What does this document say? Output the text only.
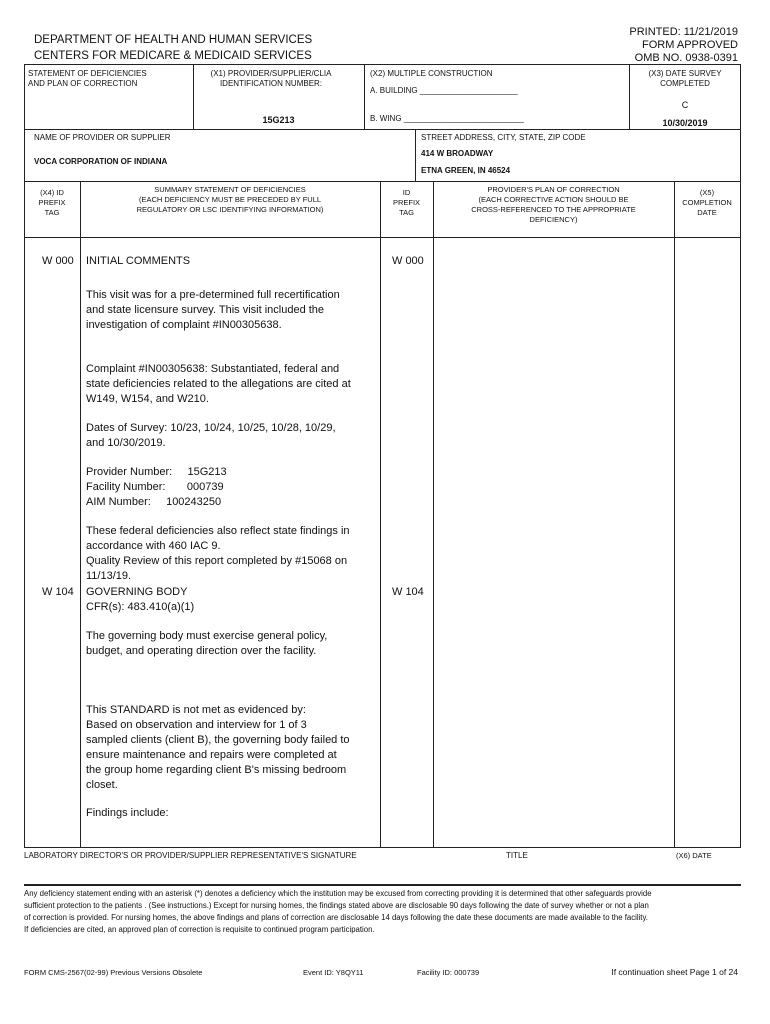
DEPARTMENT OF HEALTH AND HUMAN SERVICES
CENTERS FOR MEDICARE & MEDICAID SERVICES
PRINTED: 11/21/2019
FORM APPROVED
OMB NO. 0938-0391
STATEMENT OF DEFICIENCIES
AND PLAN OF CORRECTION
(X1) PROVIDER/SUPPLIER/CLIA
IDENTIFICATION NUMBER:
15G213
(X2) MULTIPLE CONSTRUCTION
A. BUILDING ______________________
B. WING ___________________________
(X3) DATE SURVEY
COMPLETED
C
10/30/2019
NAME OF PROVIDER OR SUPPLIER
VOCA CORPORATION OF INDIANA
STREET ADDRESS, CITY, STATE, ZIP CODE
414 W BROADWAY
ETNA GREEN, IN 46524
(X4) ID
PREFIX
TAG
SUMMARY STATEMENT OF DEFICIENCIES
(EACH DEFICIENCY MUST BE PRECEDED BY FULL
REGULATORY OR LSC IDENTIFYING INFORMATION)
ID
PREFIX
TAG
PROVIDER'S PLAN OF CORRECTION
(EACH CORRECTIVE ACTION SHOULD BE
CROSS-REFERENCED TO THE APPROPRIATE
DEFICIENCY)
(X5)
COMPLETION
DATE
W 000	W 000
INITIAL COMMENTS
This visit was for a pre-determined full recertification and state licensure survey. This visit included the investigation of complaint #IN00305638.
Complaint #IN00305638: Substantiated, federal and state deficiencies related to the allegations are cited at W149, W154, and W210.
Dates of Survey: 10/23, 10/24, 10/25, 10/28, 10/29, and 10/30/2019.
Provider Number:     15G213
Facility Number:       000739
AIM Number:     100243250
These federal deficiencies also reflect state findings in accordance with 460 IAC 9.
Quality Review of this report completed by #15068 on 11/13/19.
W 104	W 104
GOVERNING BODY
CFR(s): 483.410(a)(1)
The governing body must exercise general policy, budget, and operating direction over the facility.
This STANDARD is not met as evidenced by:
Based on observation and interview for 1 of 3 sampled clients (client B), the governing body failed to ensure maintenance and repairs were completed at the group home regarding client B's missing bedroom closet.
Findings include:
LABORATORY DIRECTOR'S OR PROVIDER/SUPPLIER REPRESENTATIVE'S SIGNATURE	TITLE	(X6) DATE
Any deficiency statement ending with an asterisk (*) denotes a deficiency which the institution may be excused from correcting providing it is determined that other safeguards provide sufficient protection to the patients . (See instructions.) Except for nursing homes, the findings stated above are disclosable 90 days following the date of survey whether or not a plan of correction is provided. For nursing homes, the above findings and plans of correction are disclosable 14 days following the date these documents are made available to the facility. If deficiencies are cited, an approved plan of correction is requisite to continued program participation.
FORM CMS-2567(02-99) Previous Versions Obsolete	Event ID: Y8QY11	Facility ID: 000739	If continuation sheet Page 1 of 24
